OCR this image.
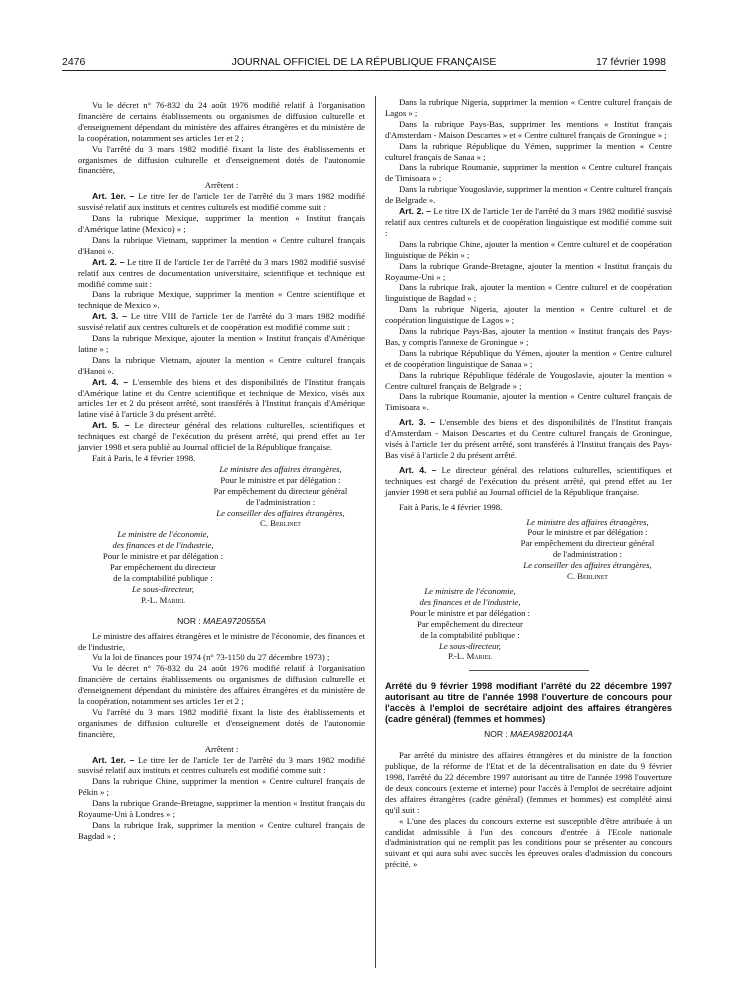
2476	JOURNAL OFFICIEL DE LA RÉPUBLIQUE FRANÇAISE	17 février 1998

Vu le décret n° 76-832 du 24 août 1976 modifié relatif à l'organisation financière de certains établissements ou organismes de diffusion culturelle et d'enseignement dépendant du ministère des affaires étrangères et du ministère de la coopération, notamment ses articles 1er et 2 ;

Vu l'arrêté du 3 mars 1982 modifié fixant la liste des établissements et organismes de diffusion culturelle et d'enseignement dotés de l'autonomie financière,

Arrêtent :

Art. 1er. – Le titre Ier de l'article 1er de l'arrêté du 3 mars 1982 modifié susvisé relatif aux instituts et centres culturels est modifié comme suit :

Dans la rubrique Mexique, supprimer la mention « Institut français d'Amérique latine (Mexico) » ;

Dans la rubrique Vietnam, supprimer la mention « Centre culturel français d'Hanoi ».

Art. 2. – Le titre II de l'article 1er de l'arrêté du 3 mars 1982 modifié susvisé relatif aux centres de documentation universitaire, scientifique et technique est modifié comme suit :

Dans la rubrique Mexique, supprimer la mention « Centre scientifique et technique de Mexico ».

Art. 3. – Le titre VIII de l'article 1er de l'arrêté du 3 mars 1982 modifié susvisé relatif aux centres culturels et de coopération est modifié comme suit :

Dans la rubrique Mexique, ajouter la mention « Institut français d'Amérique latine » ;

Dans la rubrique Vietnam, ajouter la mention « Centre culturel français d'Hanoi ».

Art. 4. – L'ensemble des biens et des disponibilités de l'Institut français d'Amérique latine et du Centre scientifique et technique de Mexico, visés aux articles 1er et 2 du présent arrêté, sont transférés à l'Institut français d'Amérique latine visé à l'article 3 du présent arrêté.

Art. 5. – Le directeur général des relations culturelles, scientifiques et techniques est chargé de l'exécution du présent arrêté, qui prend effet au 1er janvier 1998 et sera publié au Journal officiel de la République française.

Fait à Paris, le 4 février 1998.

Le ministre des affaires étrangères,

Pour le ministre et par délégation :

Par empêchement du directeur général

de l'administration :

Le conseiller des affaires étrangères,

C. Berlinet

Le ministre de l'économie,

des finances et de l'industrie,

Pour le ministre et par délégation :

Par empêchement du directeur

de la comptabilité publique :

Le sous-directeur,

P.-L. Mariel

NOR : MAEA9720555A

Le ministre des affaires étrangères et le ministre de l'économie, des finances et de l'industrie,

Vu la loi de finances pour 1974 (n° 73-1150 du 27 décembre 1973) ;

Vu le décret n° 76-832 du 24 août 1976 modifié relatif à l'organisation financière de certains établissements ou organismes de diffusion culturelle et d'enseignement dépendant du ministère des affaires étrangères et du ministère de la coopération, notamment ses articles 1er et 2 ;

Vu l'arrêté du 3 mars 1982 modifié fixant la liste des établissements et organismes de diffusion culturelle et d'enseignement dotés de l'autonomie financière,

Arrêtent :

Art. 1er. – Le titre Ier de l'article 1er de l'arrêté du 3 mars 1982 modifié susvisé relatif aux instituts et centres culturels est modifié comme suit :

Dans la rubrique Chine, supprimer la mention « Centre culturel français de Pékin » ;

Dans la rubrique Grande-Bretagne, supprimer la mention « Institut français du Royaume-Uni à Londres » ;

Dans la rubrique Irak, supprimer la mention « Centre culturel français de Bagdad » ;

Dans la rubrique Nigeria, supprimer la mention « Centre culturel français de Lagos » ;

Dans la rubrique Pays-Bas, supprimer les mentions « Institut français d'Amsterdam - Maison Descartes » et « Centre culturel français de Groningue » ;

Dans la rubrique République du Yémen, supprimer la mention « Centre culturel français de Sanaa » ;

Dans la rubrique Roumanie, supprimer la mention « Centre culturel français de Timisoara » ;

Dans la rubrique Yougoslavie, supprimer la mention « Centre culturel français de Belgrade ».

Art. 2. – Le titre IX de l'article 1er de l'arrêté du 3 mars 1982 modifié susvisé relatif aux centres culturels et de coopération linguistique est modifié comme suit :

Dans la rubrique Chine, ajouter la mention « Centre culturel et de coopération linguistique de Pékin » ;

Dans la rubrique Grande-Bretagne, ajouter la mention « Institut français du Royaume-Uni » ;

Dans la rubrique Irak, ajouter la mention « Centre culturel et de coopération linguistique de Bagdad » ;

Dans la rubrique Nigeria, ajouter la mention « Centre culturel et de coopération linguistique de Lagos » ;

Dans la rubrique Pays-Bas, ajouter la mention « Institut français des Pays-Bas, y compris l'annexe de Groningue » ;

Dans la rubrique République du Yémen, ajouter la mention « Centre culturel et de coopération linguistique de Sanaa » ;

Dans la rubrique République fédérale de Yougoslavie, ajouter la mention « Centre culturel français de Belgrade » ;

Dans la rubrique Roumanie, ajouter la mention « Centre culturel français de Timisoara ».

Art. 3. – L'ensemble des biens et des disponibilités de l'Institut français d'Amsterdam - Maison Descartes et du Centre culturel français de Groningue, visés à l'article 1er du présent arrêté, sont transférés à l'Institut français des Pays-Bas visé à l'article 2 du présent arrêté.

Art. 4. – Le directeur général des relations culturelles, scientifiques et techniques est chargé de l'exécution du présent arrêté, qui prend effet au 1er janvier 1998 et sera publié au Journal officiel de la République française.

Fait à Paris, le 4 février 1998.

Le ministre des affaires étrangères,

Pour le ministre et par délégation :

Par empêchement du directeur général

de l'administration :

Le conseiller des affaires étrangères,

C. Berlinet

Le ministre de l'économie,

des finances et de l'industrie,

Pour le ministre et par délégation :

Par empêchement du directeur

de la comptabilité publique :

Le sous-directeur,

P.-L. Mariel

Arrêté du 9 février 1998 modifiant l'arrêté du 22 décembre 1997 autorisant au titre de l'année 1998 l'ouverture de concours pour l'accès à l'emploi de secrétaire adjoint des affaires étrangères (cadre général) (femmes et hommes)

NOR : MAEA9820014A

Par arrêté du ministre des affaires étrangères et du ministre de la fonction publique, de la réforme de l'Etat et de la décentralisation en date du 9 février 1998, l'arrêté du 22 décembre 1997 autorisant au titre de l'année 1998 l'ouverture de deux concours (externe et interne) pour l'accès à l'emploi de secrétaire adjoint des affaires étrangères (cadre général) (femmes et hommes) est complété ainsi qu'il suit :

« L'une des places du concours externe est susceptible d'être attribuée à un candidat admissible à l'un des concours d'entrée à l'Ecole nationale d'administration qui ne remplit pas les conditions pour se présenter au concours suivant et qui aura subi avec succès les épreuves orales d'admission du concours précité. »
